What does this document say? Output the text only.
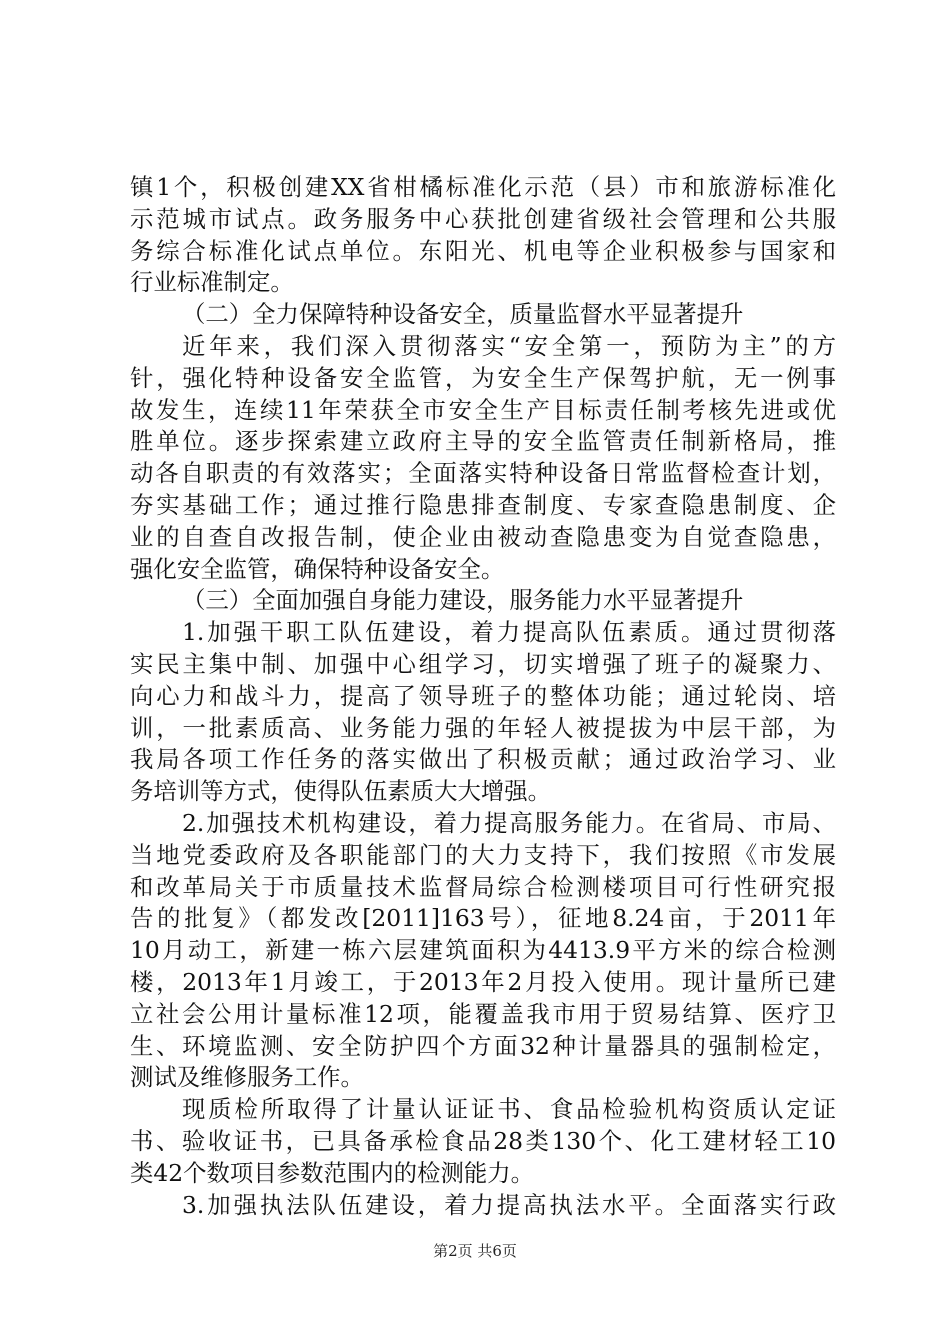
镇1个，积极创建XX省柑橘标准化示范（县）市和旅游标准化
示范城市试点。政务服务中心获批创建省级社会管理和公共服
务综合标准化试点单位。东阳光、机电等企业积极参与国家和
行业标准制定。
（二）全力保障特种设备安全，质量监督水平显著提升
近年来，我们深入贯彻落实“安全第一，预防为主”的方
针，强化特种设备安全监管，为安全生产保驾护航，无一例事
故发生，连续11年荣获全市安全生产目标责任制考核先进或优
胜单位。逐步探索建立政府主导的安全监管责任制新格局，推
动各自职责的有效落实；全面落实特种设备日常监督检查计划，
夯实基础工作；通过推行隐患排查制度、专家查隐患制度、企
业的自查自改报告制，使企业由被动查隐患变为自觉查隐患，
强化安全监管，确保特种设备安全。
（三）全面加强自身能力建设，服务能力水平显著提升
1.加强干职工队伍建设，着力提高队伍素质。通过贯彻落
实民主集中制、加强中心组学习，切实增强了班子的凝聚力、
向心力和战斗力，提高了领导班子的整体功能；通过轮岗、培
训，一批素质高、业务能力强的年轻人被提拔为中层干部，为
我局各项工作任务的落实做出了积极贡献；通过政治学习、业
务培训等方式，使得队伍素质大大增强。
2.加强技术机构建设，着力提高服务能力。在省局、市局、
当地党委政府及各职能部门的大力支持下，我们按照《市发展
和改革局关于市质量技术监督局综合检测楼项目可行性研究报
告的批复》（都发改[2011]163号），征地8.24亩，于2011年
10月动工，新建一栋六层建筑面积为4413.9平方米的综合检测
楼，2013年1月竣工，于2013年2月投入使用。现计量所已建
立社会公用计量标准12项，能覆盖我市用于贸易结算、医疗卫
生、环境监测、安全防护四个方面32种计量器具的强制检定，
测试及维修服务工作。
现质检所取得了计量认证证书、食品检验机构资质认定证
书、验收证书，已具备承检食品28类130个、化工建材轻工10
类42个数项目参数范围内的检测能力。
3.加强执法队伍建设，着力提高执法水平。全面落实行政
第2页 共6页
